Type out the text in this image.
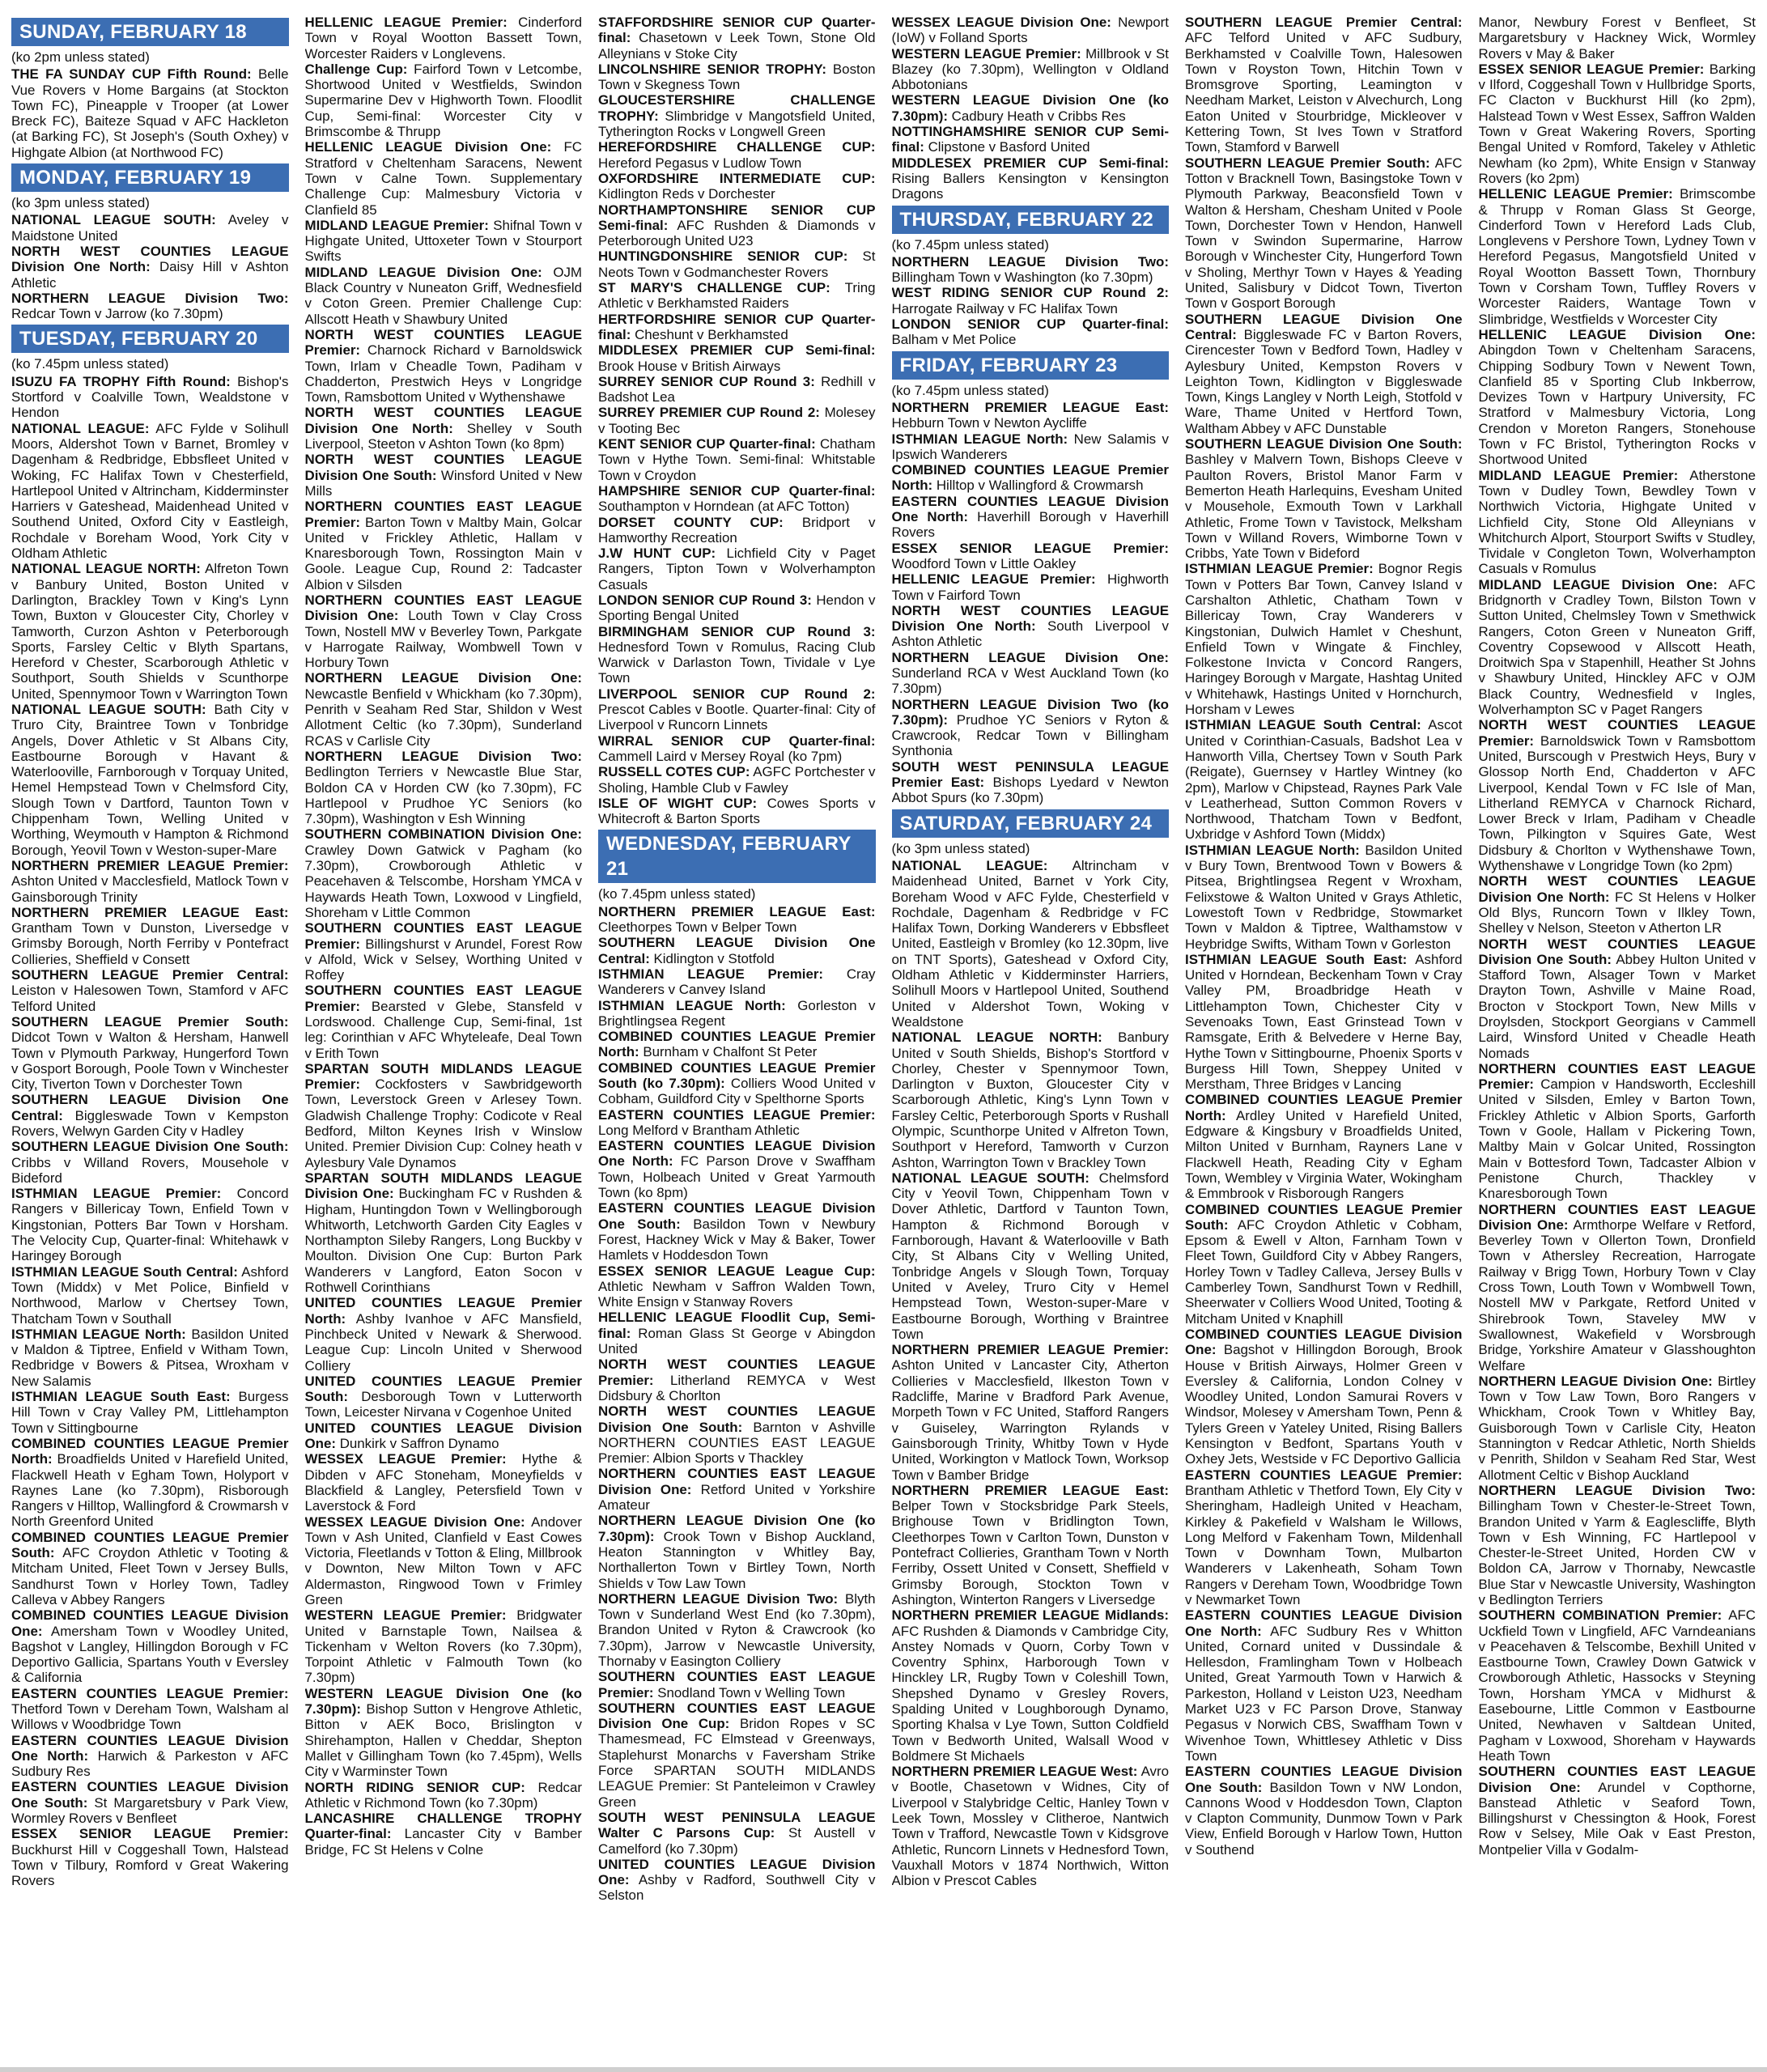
SUNDAY, FEBRUARY 18
(ko 2pm unless stated)
THE FA SUNDAY CUP Fifth Round: Belle Vue Rovers v Home Bargains (at Stockton Town FC), Pineapple v Trooper (at Lower Breck FC), Baiteze Squad v AFC Hackleton (at Barking FC), St Joseph's (South Oxhey) v Highgate Albion (at Northwood FC)
MONDAY, FEBRUARY 19
(ko 3pm unless stated)
NATIONAL LEAGUE SOUTH: Aveley v Maidstone United
NORTH WEST COUNTIES LEAGUE Division One North: Daisy Hill v Ashton Athletic
NORTHERN LEAGUE Division Two: Redcar Town v Jarrow (ko 7.30pm)
TUESDAY, FEBRUARY 20
(ko 7.45pm unless stated)
ISUZU FA TROPHY Fifth Round: Bishop's Stortford v Coalville Town, Wealdstone v Hendon
NATIONAL LEAGUE: AFC Fylde v Solihull Moors, Aldershot Town v Barnet, Bromley v Dagenham & Redbridge, Ebbsfleet United v Woking, FC Halifax Town v Chesterfield, Hartlepool United v Altrincham, Kidderminster Harriers v Gateshead, Maidenhead United v Southend United, Oxford City v Eastleigh, Rochdale v Boreham Wood, York City v Oldham Athletic
NATIONAL LEAGUE NORTH: Alfreton Town v Banbury United, Boston United v Darlington, Brackley Town v King's Lynn Town, Buxton v Gloucester City, Chorley v Tamworth, Curzon Ashton v Peterborough Sports, Farsley Celtic v Blyth Spartans, Hereford v Chester, Scarborough Athletic v Southport, South Shields v Scunthorpe United, Spennymoor Town v Warrington Town
NATIONAL LEAGUE SOUTH: Bath City v Truro City, Braintree Town v Tonbridge Angels, Dover Athletic v St Albans City, Eastbourne Borough v Havant & Waterlooville, Farnborough v Torquay United, Hemel Hempstead Town v Chelmsford City, Slough Town v Dartford, Taunton Town v Chippenham Town, Welling United v Worthing, Weymouth v Hampton & Richmond Borough, Yeovil Town v Weston-super-Mare
NORTHERN PREMIER LEAGUE Premier: Ashton United v Macclesfield, Matlock Town v Gainsborough Trinity
NORTHERN PREMIER LEAGUE East: Grantham Town v Dunston, Liversedge v Grimsby Borough, North Ferriby v Pontefract Collieries, Sheffield v Consett
SOUTHERN LEAGUE Premier Central: Leiston v Halesowen Town, Stamford v AFC Telford United
SOUTHERN LEAGUE Premier South: Didcot Town v Walton & Hersham, Hanwell Town v Plymouth Parkway, Hungerford Town v Gosport Borough, Poole Town v Winchester City, Tiverton Town v Dorchester Town
SOUTHERN LEAGUE Division One Central: Biggleswade Town v Kempston Rovers, Welwyn Garden City v Hadley
SOUTHERN LEAGUE Division One South: Cribbs v Willand Rovers, Mousehole v Bideford
ISTHMIAN LEAGUE Premier: Concord Rangers v Billericay Town, Enfield Town v Kingstonian, Potters Bar Town v Horsham. The Velocity Cup, Quarter-final: Whitehawk v Haringey Borough
ISTHMIAN LEAGUE South Central: Ashford Town (Middx) v Met Police, Binfield v Northwood, Marlow v Chertsey Town, Thatcham Town v Southall
ISTHMIAN LEAGUE North: Basildon United v Maldon & Tiptree, Enfield v Witham Town, Redbridge v Bowers & Pitsea, Wroxham v New Salamis
ISTHMIAN LEAGUE South East: Burgess Hill Town v Cray Valley PM, Littlehampton Town v Sittingbourne
COMBINED COUNTIES LEAGUE Premier North: Broadfields United v Harefield United, Flackwell Heath v Egham Town, Holyport v Raynes Lane (ko 7.30pm), Risborough Rangers v Hilltop, Wallingford & Crowmarsh v North Greenford United
COMBINED COUNTIES LEAGUE Premier South: AFC Croydon Athletic v Tooting & Mitcham United, Fleet Town v Jersey Bulls, Sandhurst Town v Horley Town, Tadley Calleva v Abbey Rangers
COMBINED COUNTIES LEAGUE Division One: Amersham Town v Woodley United, Bagshot v Langley, Hillingdon Borough v FC Deportivo Gallicia, Spartans Youth v Eversley & California
EASTERN COUNTIES LEAGUE Premier: Thetford Town v Dereham Town, Walsham al Willows v Woodbridge Town
EASTERN COUNTIES LEAGUE Division One North: Harwich & Parkeston v AFC Sudbury Res
EASTERN COUNTIES LEAGUE Division One South: St Margaretsbury v Park View, Wormley Rovers v Benfleet
ESSEX SENIOR LEAGUE Premier: Buckhurst Hill v Coggeshall Town, Halstead Town v Tilbury, Romford v Great Wakering Rovers
HELLENIC LEAGUE Premier: Cinderford Town v Royal Wootton Bassett Town, Worcester Raiders v Longlevens.
Challenge Cup: Fairford Town v Letcombe, Shortwood United v Westfields, Swindon Supermarine Dev v Highworth Town. Floodlit Cup, Semi-final: Worcester City v Brimscombe & Thrupp
HELLENIC LEAGUE Division One: FC Stratford v Cheltenham Saracens, Newent Town v Calne Town. Supplementary Challenge Cup: Malmesbury Victoria v Clanfield 85
MIDLAND LEAGUE Premier: Shifnal Town v Highgate United, Uttoxeter Town v Stourport Swifts
MIDLAND LEAGUE Division One: OJM Black Country v Nuneaton Griff, Wednesfield v Coton Green. Premier Challenge Cup: Allscott Heath v Shawbury United
NORTH WEST COUNTIES LEAGUE Premier: Charnock Richard v Barnoldswick Town, Irlam v Cheadle Town, Padiham v Chadderton, Prestwich Heys v Longridge Town, Ramsbottom United v Wythenshawe
NORTH WEST COUNTIES LEAGUE Division One North: Shelley v South Liverpool, Steeton v Ashton Town (ko 8pm)
NORTH WEST COUNTIES LEAGUE Division One South: Winsford United v New Mills
NORTHERN COUNTIES EAST LEAGUE Premier: Barton Town v Maltby Main, Golcar United v Frickley Athletic, Hallam v Knaresborough Town, Rossington Main v Goole. League Cup, Round 2: Tadcaster Albion v Silsden
NORTHERN COUNTIES EAST LEAGUE Division One: Louth Town v Clay Cross Town, Nostell MW v Beverley Town, Parkgate v Harrogate Railway, Wombwell Town v Horbury Town
NORTHERN LEAGUE Division One: Newcastle Benfield v Whickham (ko 7.30pm), Penrith v Seaham Red Star, Shildon v West Allotment Celtic (ko 7.30pm), Sunderland RCAS v Carlisle City
NORTHERN LEAGUE Division Two: Bedlington Terriers v Newcastle Blue Star, Boldon CA v Horden CW (ko 7.30pm), FC Hartlepool v Prudhoe YC Seniors (ko 7.30pm), Washington v Esh Winning
SOUTHERN COMBINATION Division One: Crawley Down Gatwick v Pagham (ko 7.30pm), Crowborough Athletic v Peacehaven & Telscombe, Horsham YMCA v Haywards Heath Town, Loxwood v Lingfield, Shoreham v Little Common
SOUTHERN COUNTIES EAST LEAGUE Premier: Billingshurst v Arundel, Forest Row v Alfold, Wick v Selsey, Worthing United v Roffey
SOUTHERN COUNTIES EAST LEAGUE Premier: Bearsted v Glebe, Stansfeld v Lordswood. Challenge Cup, Semi-final, 1st leg: Corinthian v AFC Whyteleafe, Deal Town v Erith Town
SPARTAN SOUTH MIDLANDS LEAGUE Premier: Cockfosters v Sawbridgeworth Town, Leverstock Green v Arlesey Town. Gladwish Challenge Trophy: Codicote v Real Bedford, Milton Keynes Irish v Winslow United. Premier Division Cup: Colney heath v Aylesbury Vale Dynamos
SPARTAN SOUTH MIDLANDS LEAGUE Division One: Buckingham FC v Rushden & Higham, Huntingdon Town v Wellingborough Whitworth, Letchworth Garden City Eagles v Northampton Sileby Rangers, Long Buckby v Moulton. Division One Cup: Burton Park Wanderers v Langford, Eaton Socon v Rothwell Corinthians
UNITED COUNTIES LEAGUE Premier North: Ashby Ivanhoe v AFC Mansfield, Pinchbeck United v Newark & Sherwood. League Cup: Lincoln United v Sherwood Colliery
UNITED COUNTIES LEAGUE Premier South: Desborough Town v Lutterworth Town, Leicester Nirvana v Cogenhoe United
UNITED COUNTIES LEAGUE Division One: Dunkirk v Saffron Dynamo
WESSEX LEAGUE Premier: Hythe & Dibden v AFC Stoneham, Moneyfields v Blackfield & Langley, Petersfield Town v Laverstock & Ford
WESSEX LEAGUE Division One: Andover Town v Ash United, Clanfield v East Cowes Victoria, Fleetlands v Totton & Eling, Millbrook v Downton, New Milton Town v AFC Aldermaston, Ringwood Town v Frimley Green
WESTERN LEAGUE Premier: Bridgwater United v Barnstaple Town, Nailsea & Tickenham v Welton Rovers (ko 7.30pm), Torpoint Athletic v Falmouth Town (ko 7.30pm)
WESTERN LEAGUE Division One (ko 7.30pm): Bishop Sutton v Hengrove Athletic, Bitton v AEK Boco, Brislington v Shirehampton, Hallen v Cheddar, Shepton Mallet v Gillingham Town (ko 7.45pm), Wells City v Warminster Town
NORTH RIDING SENIOR CUP: Redcar Athletic v Richmond Town (ko 7.30pm)
LANCASHIRE CHALLENGE TROPHY Quarter-final: Lancaster City v Bamber Bridge, FC St Helens v Colne
STAFFORDSHIRE SENIOR CUP Quarter-final: Chasetown v Leek Town, Stone Old Alleynians v Stoke City
LINCOLNSHIRE SENIOR TROPHY: Boston Town v Skegness Town
GLOUCESTERSHIRE CHALLENGE TROPHY: Slimbridge v Mangotsfield United, Tytherington Rocks v Longwell Green
HEREFORDSHIRE CHALLENGE CUP: Hereford Pegasus v Ludlow Town
OXFORDSHIRE INTERMEDIATE CUP: Kidlington Reds v Dorchester
NORTHAMPTONSHIRE SENIOR CUP Semi-final: AFC Rushden & Diamonds v Peterborough United U23
HUNTINGDONSHIRE SENIOR CUP: St Neots Town v Godmanchester Rovers
ST MARY'S CHALLENGE CUP: Tring Athletic v Berkhamsted Raiders
HERTFORDSHIRE SENIOR CUP Quarter-final: Cheshunt v Berkhamsted
MIDDLESEX PREMIER CUP Semi-final: Brook House v British Airways
SURREY SENIOR CUP Round 3: Redhill v Badshot Lea
SURREY PREMIER CUP Round 2: Molesey v Tooting Bec
KENT SENIOR CUP Quarter-final: Chatham Town v Hythe Town. Semi-final: Whitstable Town v Croydon
HAMPSHIRE SENIOR CUP Quarter-final: Southampton v Horndean (at AFC Totton)
DORSET COUNTY CUP: Bridport v Hamworthy Recreation
J.W HUNT CUP: Lichfield City v Paget Rangers, Tipton Town v Wolverhampton Casuals
LONDON SENIOR CUP Round 3: Hendon v Sporting Bengal United
BIRMINGHAM SENIOR CUP Round 3: Hednesford Town v Romulus, Racing Club Warwick v Darlaston Town, Tividale v Lye Town
LIVERPOOL SENIOR CUP Round 2: Prescot Cables v Bootle. Quarter-final: City of Liverpool v Runcorn Linnets
WIRRAL SENIOR CUP Quarter-final: Cammell Laird v Mersey Royal (ko 7pm)
RUSSELL COTES CUP: AGFC Portchester v Sholing, Hamble Club v Fawley
ISLE OF WIGHT CUP: Cowes Sports v Whitecroft & Barton Sports
WEDNESDAY, FEBRUARY 21
(ko 7.45pm unless stated)
NORTHERN PREMIER LEAGUE East: Cleethorpes Town v Belper Town
SOUTHERN LEAGUE Division One Central: Kidlington v Stotfold
ISTHMIAN LEAGUE Premier: Cray Wanderers v Canvey Island
ISTHMIAN LEAGUE North: Gorleston v Brightlingsea Regent
COMBINED COUNTIES LEAGUE Premier North: Burnham v Chalfont St Peter
COMBINED COUNTIES LEAGUE Premier South (ko 7.30pm): Colliers Wood United v Cobham, Guildford City v Spelthorne Sports
EASTERN COUNTIES LEAGUE Premier: Long Melford v Brantham Athletic
EASTERN COUNTIES LEAGUE Division One North: FC Parson Drove v Swaffham Town, Holbeach United v Great Yarmouth Town (ko 8pm)
EASTERN COUNTIES LEAGUE Division One South: Basildon Town v Newbury Forest, Hackney Wick v May & Baker, Tower Hamlets v Hoddesdon Town
ESSEX SENIOR LEAGUE League Cup: Athletic Newham v Saffron Walden Town, White Ensign v Stanway Rovers
HELLENIC LEAGUE Floodlit Cup, Semi-final: Roman Glass St George v Abingdon United
NORTH WEST COUNTIES LEAGUE Premier: Litherland REMYCA v West Didsbury & Chorlton
NORTH WEST COUNTIES LEAGUE Division One South: Barnton v Ashville NORTHERN COUNTIES EAST LEAGUE Premier: Albion Sports v Thackley
NORTHERN COUNTIES EAST LEAGUE Division One: Retford United v Yorkshire Amateur
NORTHERN LEAGUE Division One (ko 7.30pm): Crook Town v Bishop Auckland, Heaton Stannington v Whitley Bay, Northallerton Town v Birtley Town, North Shields v Tow Law Town
NORTHERN LEAGUE Division Two: Blyth Town v Sunderland West End (ko 7.30pm), Brandon United v Ryton & Crawcrook (ko 7.30pm), Jarrow v Newcastle University, Thornaby v Easington Colliery
SOUTHERN COUNTIES EAST LEAGUE Premier: Snodland Town v Welling Town
SOUTHERN COUNTIES EAST LEAGUE Division One Cup: Bridon Ropes v SC Thamesmead, FC Elmstead v Greenways, Staplehurst Monarchs v Faversham Strike Force SPARTAN SOUTH MIDLANDS LEAGUE Premier: St Panteleimon v Crawley Green
SOUTH WEST PENINSULA LEAGUE Walter C Parsons Cup: St Austell v Camelford (ko 7.30pm)
UNITED COUNTIES LEAGUE Division One: Ashby v Radford, Southwell City v Selston
WESSEX LEAGUE Division One: Newport (IoW) v Folland Sports
WESTERN LEAGUE Premier: Millbrook v St Blazey (ko 7.30pm), Wellington v Oldland Abbotonians
WESTERN LEAGUE Division One (ko 7.30pm): Cadbury Heath v Cribbs Res
NOTTINGHAMSHIRE SENIOR CUP Semi-final: Clipstone v Basford United
MIDDLESEX PREMIER CUP Semi-final: Rising Ballers Kensington v Kensington Dragons
THURSDAY, FEBRUARY 22
(ko 7.45pm unless stated)
NORTHERN LEAGUE Division Two: Billingham Town v Washington (ko 7.30pm)
WEST RIDING SENIOR CUP Round 2: Harrogate Railway v FC Halifax Town
LONDON SENIOR CUP Quarter-final: Balham v Met Police
FRIDAY, FEBRUARY 23
(ko 7.45pm unless stated)
NORTHERN PREMIER LEAGUE East: Hebburn Town v Newton Aycliffe
ISTHMIAN LEAGUE North: New Salamis v Ipswich Wanderers
COMBINED COUNTIES LEAGUE Premier North: Hilltop v Wallingford & Crowmarsh
EASTERN COUNTIES LEAGUE Division One North: Haverhill Borough v Haverhill Rovers
ESSEX SENIOR LEAGUE Premier: Woodford Town v Little Oakley
HELLENIC LEAGUE Premier: Highworth Town v Fairford Town
NORTH WEST COUNTIES LEAGUE Division One North: South Liverpool v Ashton Athletic
NORTHERN LEAGUE Division One: Sunderland RCA v West Auckland Town (ko 7.30pm)
NORTHERN LEAGUE Division Two (ko 7.30pm): Prudhoe YC Seniors v Ryton & Crawcrook, Redcar Town v Billingham Synthonia
SOUTH WEST PENINSULA LEAGUE Premier East: Bishops Lyedard v Newton Abbot Spurs (ko 7.30pm)
SATURDAY, FEBRUARY 24
(ko 3pm unless stated)
NATIONAL LEAGUE: Altrincham v Maidenhead United, Barnet v York City, Boreham Wood v AFC Fylde, Chesterfield v Rochdale, Dagenham & Redbridge v FC Halifax Town, Dorking Wanderers v Ebbsfleet United, Eastleigh v Bromley (ko 12.30pm, live on TNT Sports), Gateshead v Oxford City, Oldham Athletic v Kidderminster Harriers, Solihull Moors v Hartlepool United, Southend United v Aldershot Town, Woking v Wealdstone
NATIONAL LEAGUE NORTH: Banbury United v South Shields, Bishop's Stortford v Chorley, Chester v Spennymoor Town, Darlington v Buxton, Gloucester City v Scarborough Athletic, King's Lynn Town v Farsley Celtic, Peterborough Sports v Rushall Olympic, Scunthorpe United v Alfreton Town, Southport v Hereford, Tamworth v Curzon Ashton, Warrington Town v Brackley Town
NATIONAL LEAGUE SOUTH: Chelmsford City v Yeovil Town, Chippenham Town v Dover Athletic, Dartford v Taunton Town, Hampton & Richmond Borough v Farnborough, Havant & Waterlooville v Bath City, St Albans City v Welling United, Tonbridge Angels v Slough Town, Torquay United v Aveley, Truro City v Hemel Hempstead Town, Weston-super-Mare v Eastbourne Borough, Worthing v Braintree Town
NORTHERN PREMIER LEAGUE Premier: Ashton United v Lancaster City, Atherton Collieries v Macclesfield, Ilkeston Town v Radcliffe, Marine v Bradford Park Avenue, Morpeth Town v FC United, Stafford Rangers v Guiseley, Warrington Rylands v Gainsborough Trinity, Whitby Town v Hyde United, Workington v Matlock Town, Worksop Town v Bamber Bridge
NORTHERN PREMIER LEAGUE East: Belper Town v Stocksbridge Park Steels, Brighouse Town v Bridlington Town, Cleethorpes Town v Carlton Town, Dunston v Pontefract Collieries, Grantham Town v North Ferriby, Ossett United v Consett, Sheffield v Grimsby Borough, Stockton Town v Ashington, Winterton Rangers v Liversedge
NORTHERN PREMIER LEAGUE Midlands: AFC Rushden & Diamonds v Cambridge City, Anstey Nomads v Quorn, Corby Town v Coventry Sphinx, Harborough Town v Hinckley LR, Rugby Town v Coleshill Town, Shepshed Dynamo v Gresley Rovers, Spalding United v Loughborough Dynamo, Sporting Khalsa v Lye Town, Sutton Coldfield Town v Bedworth United, Walsall Wood v Boldmere St Michaels
NORTHERN PREMIER LEAGUE West: Avro v Bootle, Chasetown v Widnes, City of Liverpool v Stalybridge Celtic, Hanley Town v Leek Town, Mossley v Clitheroe, Nantwich Town v Trafford, Newcastle Town v Kidsgrove Athletic, Runcorn Linnets v Hednesford Town, Vauxhall Motors v 1874 Northwich, Witton Albion v Prescot Cables
SOUTHERN LEAGUE Premier Central: AFC Telford United v AFC Sudbury, Berkhamsted v Coalville Town, Halesowen Town v Royston Town, Hitchin Town v Bromsgrove Sporting, Leamington v Needham Market, Leiston v Alvechurch, Long Eaton United v Stourbridge, Mickleover v Kettering Town, St Ives Town v Stratford Town, Stamford v Barwell
SOUTHERN LEAGUE Premier South: AFC Totton v Bracknell Town, Basingstoke Town v Plymouth Parkway, Beaconsfield Town v Walton & Hersham, Chesham United v Poole Town, Dorchester Town v Hendon, Hanwell Town v Swindon Supermarine, Harrow Borough v Winchester City, Hungerford Town v Sholing, Merthyr Town v Hayes & Yeading United, Salisbury v Didcot Town, Tiverton Town v Gosport Borough
SOUTHERN LEAGUE Division One Central: Biggleswade FC v Barton Rovers, Cirencester Town v Bedford Town, Hadley v Aylesbury United, Kempston Rovers v Leighton Town, Kidlington v Biggleswade Town, Kings Langley v North Leigh, Stotfold v Ware, Thame United v Hertford Town, Waltham Abbey v AFC Dunstable
SOUTHERN LEAGUE Division One South: Bashley v Malvern Town, Bishops Cleeve v Paulton Rovers, Bristol Manor Farm v Bemerton Heath Harlequins, Evesham United v Mousehole, Exmouth Town v Larkhall Athletic, Frome Town v Tavistock, Melksham Town v Willand Rovers, Wimborne Town v Cribbs, Yate Town v Bideford
ISTHMIAN LEAGUE Premier: Bognor Regis Town v Potters Bar Town, Canvey Island v Carshalton Athletic, Chatham Town v Billericay Town, Cray Wanderers v Kingstonian, Dulwich Hamlet v Cheshunt, Enfield Town v Wingate & Finchley, Folkestone Invicta v Concord Rangers, Haringey Borough v Margate, Hashtag United v Whitehawk, Hastings United v Hornchurch, Horsham v Lewes
ISTHMIAN LEAGUE South Central: Ascot United v Corinthian-Casuals, Badshot Lea v Hanworth Villa, Chertsey Town v South Park (Reigate), Guernsey v Hartley Wintney (ko 2pm), Marlow v Chipstead, Raynes Park Vale v Leatherhead, Sutton Common Rovers v Northwood, Thatcham Town v Bedfont, Uxbridge v Ashford Town (Middx)
ISTHMIAN LEAGUE North: Basildon United v Bury Town, Brentwood Town v Bowers & Pitsea, Brightlingsea Regent v Wroxham, Felixstowe & Walton United v Grays Athletic, Lowestoft Town v Redbridge, Stowmarket Town v Maldon & Tiptree, Walthamstow v Heybridge Swifts, Witham Town v Gorleston
ISTHMIAN LEAGUE South East: Ashford United v Horndean, Beckenham Town v Cray Valley PM, Broadbridge Heath v Littlehampton Town, Chichester City v Sevenoaks Town, East Grinstead Town v Ramsgate, Erith & Belvedere v Herne Bay, Hythe Town v Sittingbourne, Phoenix Sports v Burgess Hill Town, Sheppey United v Merstham, Three Bridges v Lancing
COMBINED COUNTIES LEAGUE Premier North: Ardley United v Harefield United, Edgware & Kingsbury v Broadfields United, Milton United v Burnham, Rayners Lane v Flackwell Heath, Reading City v Egham Town, Wembley v Virginia Water, Wokingham & Emmbrook v Risborough Rangers
COMBINED COUNTIES LEAGUE Premier South: AFC Croydon Athletic v Cobham, Epsom & Ewell v Alton, Farnham Town v Fleet Town, Guildford City v Abbey Rangers, Horley Town v Tadley Calleva, Jersey Bulls v Camberley Town, Sandhurst Town v Redhill, Sheerwater v Colliers Wood United, Tooting & Mitcham United v Knaphill
COMBINED COUNTIES LEAGUE Division One: Bagshot v Hillingdon Borough, Brook House v British Airways, Holmer Green v Eversley & California, London Colney v Woodley United, London Samurai Rovers v Windsor, Molesey v Amersham Town, Penn & Tylers Green v Yateley United, Rising Ballers Kensington v Bedfont, Spartans Youth v Oxhey Jets, Westside v FC Deportivo Gallicia
EASTERN COUNTIES LEAGUE Premier: Brantham Athletic v Thetford Town, Ely City v Sheringham, Hadleigh United v Heacham, Kirkley & Pakefield v Walsham le Willows, Long Melford v Fakenham Town, Mildenhall Town v Downham Town, Mulbarton Wanderers v Lakenheath, Soham Town Rangers v Dereham Town, Woodbridge Town v Newmarket Town
EASTERN COUNTIES LEAGUE Division One North: AFC Sudbury Res v Whitton United, Cornard united v Dussindale & Hellesdon, Framlingham Town v Holbeach United, Great Yarmouth Town v Harwich & Parkeston, Holland v Leiston U23, Needham Market U23 v FC Parson Drove, Stanway Pegasus v Norwich CBS, Swaffham Town v Wivenhoe Town, Whittlesey Athletic v Diss Town
EASTERN COUNTIES LEAGUE Division One South: Basildon Town v NW London, Cannons Wood v Hoddesdon Town, Clapton v Clapton Community, Dunmow Town v Park View, Enfield Borough v Harlow Town, Hutton v Southend
Manor, Newbury Forest v Benfleet, St Margaretsbury v Hackney Wick, Wormley Rovers v May & Baker
ESSEX SENIOR LEAGUE Premier: Barking v Ilford, Coggeshall Town v Hullbridge Sports, FC Clacton v Buckhurst Hill (ko 2pm), Halstead Town v West Essex, Saffron Walden Town v Great Wakering Rovers, Sporting Bengal United v Romford, Takeley v Athletic Newham (ko 2pm), White Ensign v Stanway Rovers (ko 2pm)
HELLENIC LEAGUE Premier: Brimscombe & Thrupp v Roman Glass St George, Cinderford Town v Hereford Lads Club, Longlevens v Pershore Town, Lydney Town v Hereford Pegasus, Mangotsfield United v Royal Wootton Bassett Town, Thornbury Town v Corsham Town, Tuffley Rovers v Worcester Raiders, Wantage Town v Slimbridge, Westfields v Worcester City
HELLENIC LEAGUE Division One: Abingdon Town v Cheltenham Saracens, Chipping Sodbury Town v Newent Town, Clanfield 85 v Sporting Club Inkberrow, Devizes Town v Hartpury University, FC Stratford v Malmesbury Victoria, Long Crendon v Moreton Rangers, Stonehouse Town v FC Bristol, Tytherington Rocks v Shortwood United
MIDLAND LEAGUE Premier: Atherstone Town v Dudley Town, Bewdley Town v Northwich Victoria, Highgate United v Lichfield City, Stone Old Alleynians v Whitchurch Alport, Stourport Swifts v Studley, Tividale v Congleton Town, Wolverhampton Casuals v Romulus
MIDLAND LEAGUE Division One: AFC Bridgnorth v Cradley Town, Bilston Town v Sutton United, Chelmsley Town v Smethwick Rangers, Coton Green v Nuneaton Griff, Coventry Copsewood v Allscott Heath, Droitwich Spa v Stapenhill, Heather St Johns v Shawbury United, Hinckley AFC v OJM Black Country, Wednesfield v Ingles, Wolverhampton SC v Paget Rangers
NORTH WEST COUNTIES LEAGUE Premier: Barnoldswick Town v Ramsbottom United, Burscough v Prestwich Heys, Bury v Glossop North End, Chadderton v AFC Liverpool, Kendal Town v FC Isle of Man, Litherland REMYCA v Charnock Richard, Lower Breck v Irlam, Padiham v Cheadle Town, Pilkington v Squires Gate, West Didsbury & Chorlton v Wythenshawe Town, Wythenshawe v Longridge Town (ko 2pm)
NORTH WEST COUNTIES LEAGUE Division One North: FC St Helens v Holker Old Blys, Runcorn Town v Ilkley Town, Shelley v Nelson, Steeton v Atherton LR
NORTH WEST COUNTIES LEAGUE Division One South: Abbey Hulton United v Stafford Town, Alsager Town v Market Drayton Town, Ashville v Maine Road, Brocton v Stockport Town, New Mills v Droylsden, Stockport Georgians v Cammell Laird, Winsford United v Cheadle Heath Nomads
NORTHERN COUNTIES EAST LEAGUE Premier: Campion v Handsworth, Eccleshill United v Silsden, Emley v Barton Town, Frickley Athletic v Albion Sports, Garforth Town v Goole, Hallam v Pickering Town, Maltby Main v Golcar United, Rossington Main v Bottesford Town, Tadcaster Albion v Penistone Church, Thackley v Knaresborough Town
NORTHERN COUNTIES EAST LEAGUE Division One: Armthorpe Welfare v Retford, Beverley Town v Ollerton Town, Dronfield Town v Athersley Recreation, Harrogate Railway v Brigg Town, Horbury Town v Clay Cross Town, Louth Town v Wombwell Town, Nostell MW v Parkgate, Retford United v Shirebrook Town, Staveley MW v Swallownest, Wakefield v Worsbrough Bridge, Yorkshire Amateur v Glasshoughton Welfare
NORTHERN LEAGUE Division One: Birtley Town v Tow Law Town, Boro Rangers v Whickham, Crook Town v Whitley Bay, Guisborough Town v Carlisle City, Heaton Stannington v Redcar Athletic, North Shields v Penrith, Shildon v Seaham Red Star, West Allotment Celtic v Bishop Auckland
NORTHERN LEAGUE Division Two: Billingham Town v Chester-le-Street Town, Brandon United v Yarm & Eaglescliffe, Blyth Town v Esh Winning, FC Hartlepool v Chester-le-Street United, Horden CW v Boldon CA, Jarrow v Thornaby, Newcastle Blue Star v Newcastle University, Washington v Bedlington Terriers
SOUTHERN COMBINATION Premier: AFC Uckfield Town v Lingfield, AFC Varndeanians v Peacehaven & Telscombe, Bexhill United v Eastbourne Town, Crawley Down Gatwick v Crowborough Athletic, Hassocks v Steyning Town, Horsham YMCA v Midhurst & Easebourne, Little Common v Eastbourne United, Newhaven v Saltdean United, Pagham v Loxwood, Shoreham v Haywards Heath Town
SOUTHERN COUNTIES EAST LEAGUE Division One: Arundel v Copthorne, Banstead Athletic v Seaford Town, Billingshurst v Chessington & Hook, Forest Row v Selsey, Mile Oak v East Preston, Montpelier Villa v Godalm-
